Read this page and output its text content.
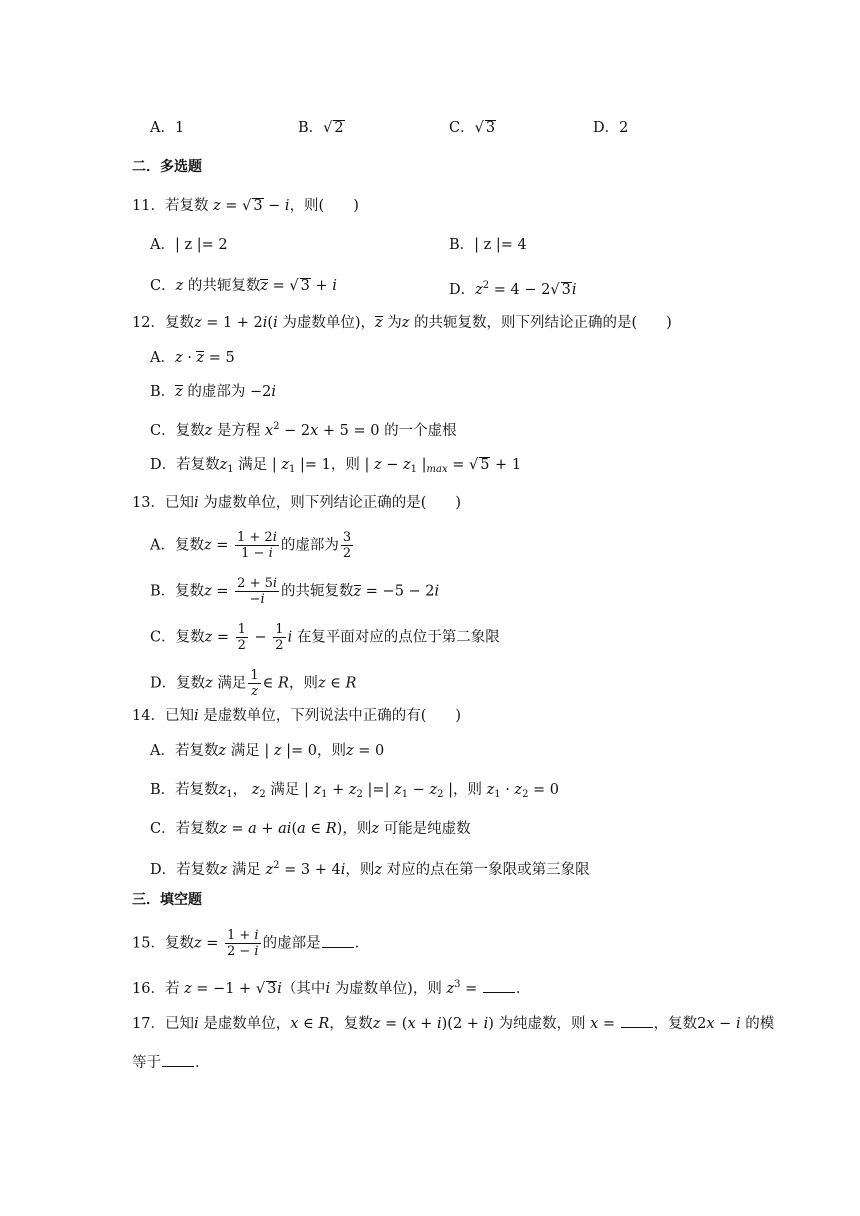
A．1	B．√ 2	C．√ 3	D．2
二．多选题
11．若复数 z = √ 3 − i，则(   )
A．| z |= 2	B．| z |= 4
C．z 的共轭复数z = √ 3 + i	D．$z^2 = 4 - 2√$ 3i
12．复数z = 1 + 2i(i 为虚数单位)，z 为z 的共轭复数，则下列结论正确的是(   )
A．z · z = 5
B．z 的虚部为 −2i
C．复数z 是方程 $x^2 - 2x + 5 = 0$ 的一个虚根
D．若复数$z_1$ 满足 | $z_1$ |= 1，则 | $z - z_1$ $|_{max}$ = √ 5 + 1
13．已知i 为虚数单位，则下列结论正确的是(   )
A．复数$z = \frac{1 + 2i}{1 - i}$ 的虚部为 $\frac{3}{2}$
B．复数$z = \frac{2 + 5i}{-i}$ 的共轭复数z = −5 − 2i
C．复数$z = \frac{1}{2} - \frac{1}{2}$ i 在复平面对应的点位于第二象限
D．复数z 满足 $\frac{1}{z}$ ∈ R，则z ∈ R
14．已知i 是虚数单位，下列说法中正确的有(   )
A．若复数z 满足 | z |= 0，则z = 0
B．若复数$z_1$， $z_2$ 满足 | $z_1 + z_2$ |=| $z_1 - z_2$ |，则 $z_1 \cdot z_2 = 0$
C．若复数z = a + ai(a ∈ R)，则z 可能是纯虚数
D．若复数z 满足 $z^2 = 3 + 4i$，则z 对应的点在第一象限或第三象限
三．填空题
15．复数$z = \frac{1 + i}{2 - i}$ 的虚部是 ．
16．若 z = −1 + √ 3i（其中i 为虚数单位)，则 $z^3$ = ．
17．已知i 是虚数单位，x ∈ R，复数z = (x + i)(2 + i) 为纯虚数，则 x = ，复数2x − i 的模
等于 ．
